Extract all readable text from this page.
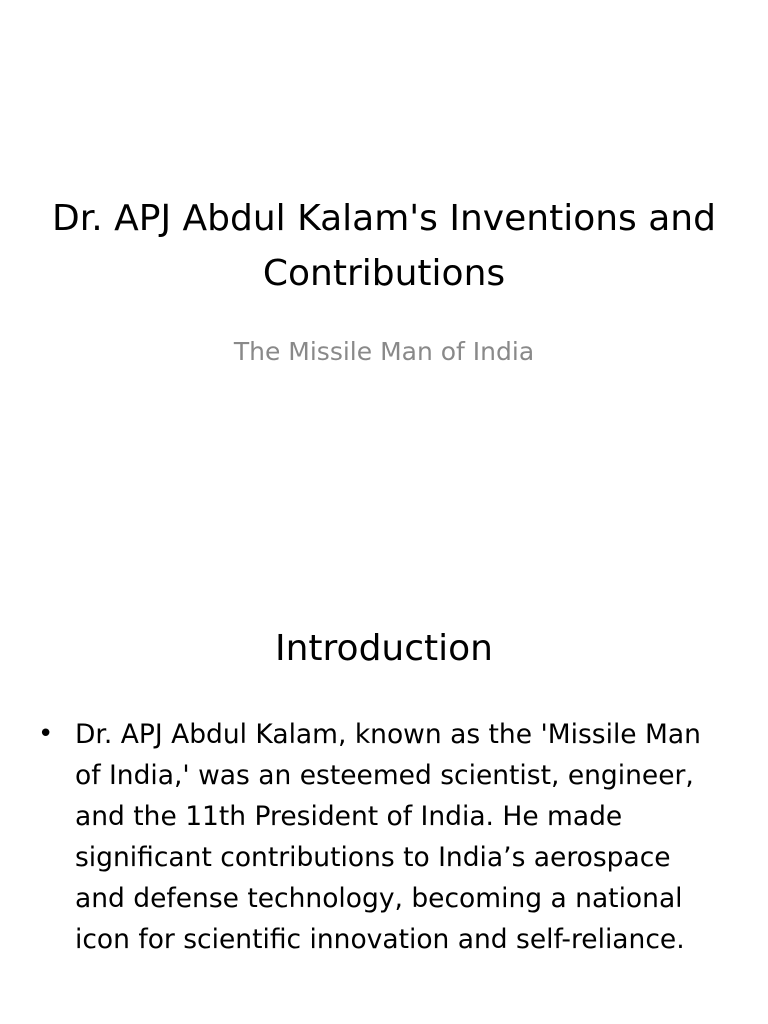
Dr. APJ Abdul Kalam's Inventions and Contributions

The Missile Man of India

Introduction
• Dr. APJ Abdul Kalam, known as the 'Missile Man of India,' was an esteemed scientist, engineer, and the 11th President of India. He made significant contributions to India’s aerospace and defense technology, becoming a national icon for scientific innovation and self-reliance.
